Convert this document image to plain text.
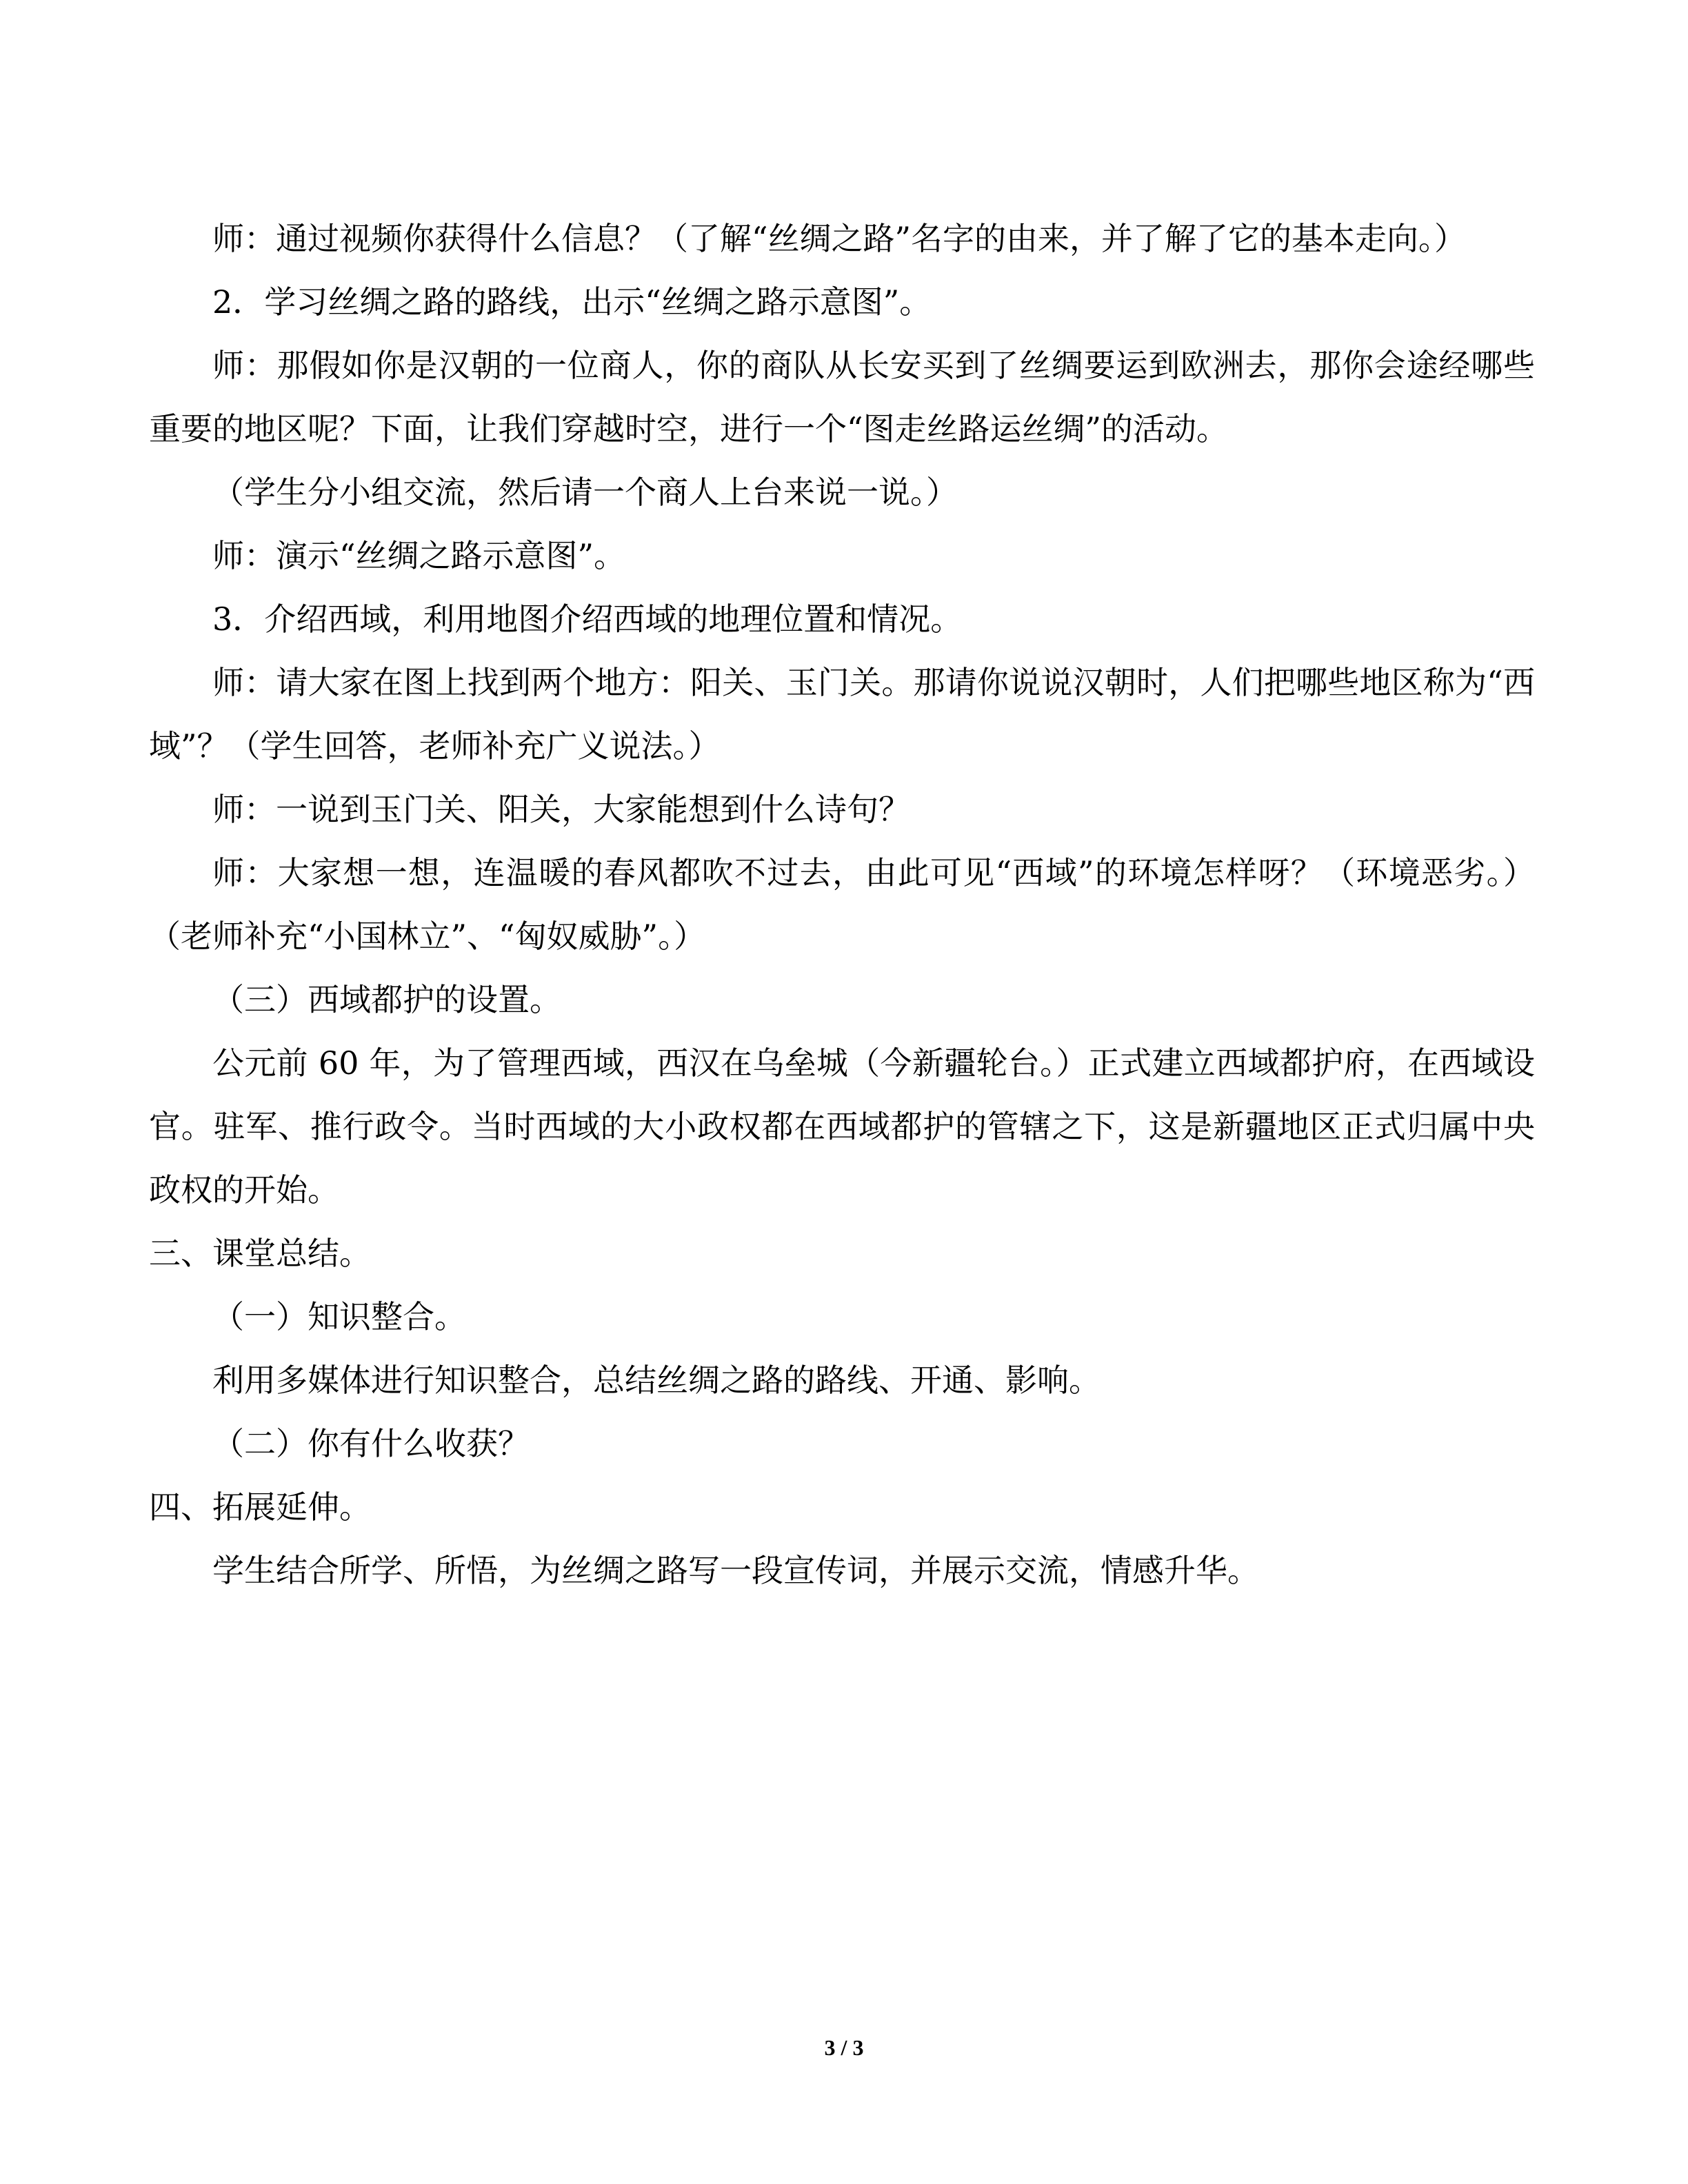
师：通过视频你获得什么信息？（了解“丝绸之路”名字的由来，并了解了它的基本走向。）

2．学习丝绸之路的路线，出示“丝绸之路示意图”。

师：那假如你是汉朝的一位商人，你的商队从长安买到了丝绸要运到欧洲去，那你会途经哪些重要的地区呢？下面，让我们穿越时空，进行一个“图走丝路运丝绸”的活动。

（学生分小组交流，然后请一个商人上台来说一说。）

师：演示“丝绸之路示意图”。

3．介绍西域，利用地图介绍西域的地理位置和情况。

师：请大家在图上找到两个地方：阳关、玉门关。那请你说说汉朝时，人们把哪些地区称为“西域”？（学生回答，老师补充广义说法。）

师：一说到玉门关、阳关，大家能想到什么诗句？

师：大家想一想，连温暖的春风都吹不过去，由此可见“西域”的环境怎样呀？（环境恶劣。）（老师补充“小国林立”、“匈奴威胁”。）

（三）西域都护的设置。

公元前 60 年，为了管理西域，西汉在乌垒城（今新疆轮台。）正式建立西域都护府，在西域设官。驻军、推行政令。当时西域的大小政权都在西域都护的管辖之下，这是新疆地区正式归属中央政权的开始。

三、课堂总结。

（一）知识整合。

利用多媒体进行知识整合，总结丝绸之路的路线、开通、影响。

（二）你有什么收获？

四、拓展延伸。

学生结合所学、所悟，为丝绸之路写一段宣传词，并展示交流，情感升华。

3 / 3
